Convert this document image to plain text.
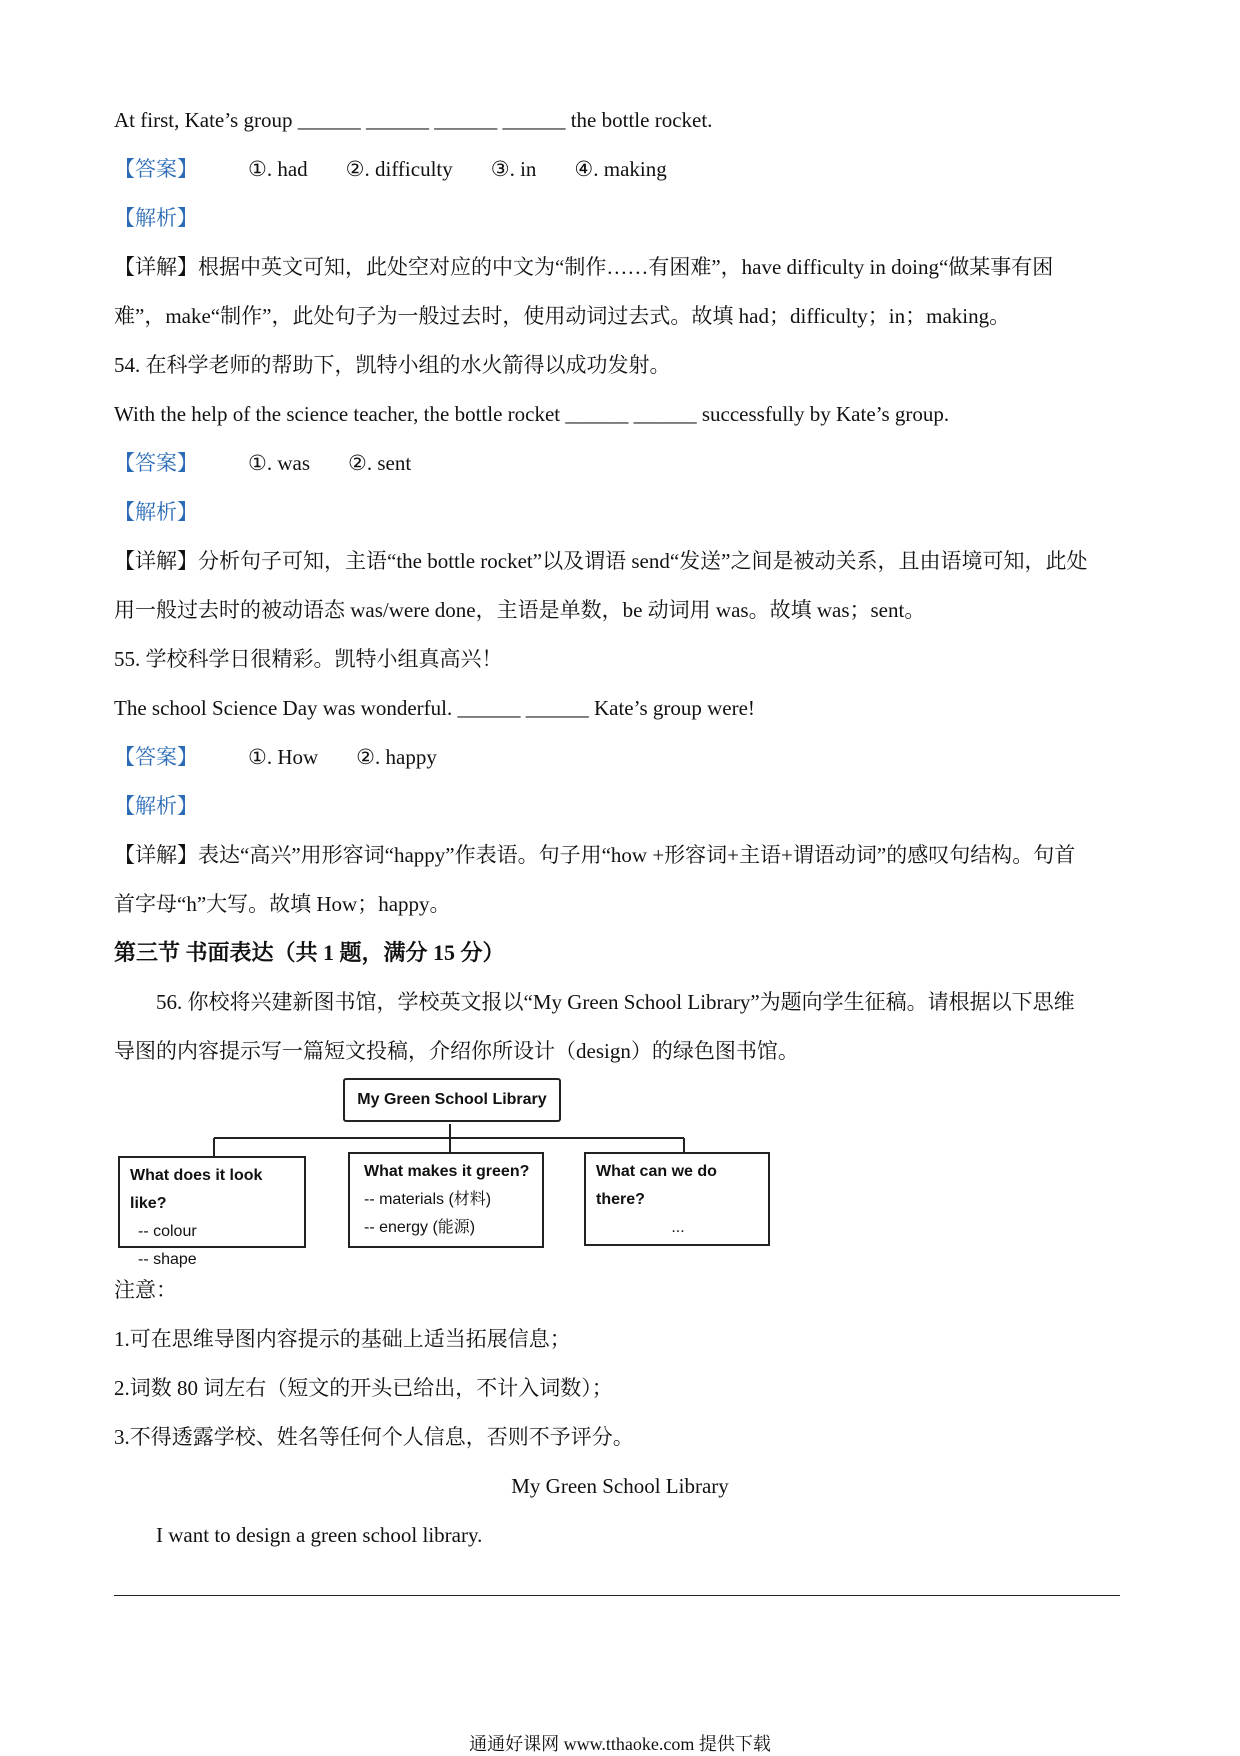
At first, Kate’s group ______ ______ ______ ______ the bottle rocket.
【答案】 ①. had ②. difficulty ③. in ④. making
【解析】
【详解】根据中英文可知，此处空对应的中文为“制作……有困难”，have difficulty in doing“做某事有困
难”，make“制作”，此处句子为一般过去时，使用动词过去式。故填 had；difficulty；in；making。
54. 在科学老师的帮助下，凯特小组的水火箭得以成功发射。
With the help of the science teacher, the bottle rocket ______ ______ successfully by Kate’s group.
【答案】 ①. was ②. sent
【解析】
【详解】分析句子可知，主语“the bottle rocket”以及谓语 send“发送”之间是被动关系，且由语境可知，此处
用一般过去时的被动语态 was/were done，主语是单数，be 动词用 was。故填 was；sent。
55. 学校科学日很精彩。凯特小组真高兴！
The school Science Day was wonderful. ______ ______ Kate’s group were!
【答案】 ①. How ②. happy
【解析】
【详解】表达“高兴”用形容词“happy”作表语。句子用“how +形容词+主语+谓语动词”的感叹句结构。句首
首字母“h”大写。故填 How；happy。
第三节 书面表达（共 1 题，满分 15 分）
56. 你校将兴建新图书馆，学校英文报以“My Green School Library”为题向学生征稿。请根据以下思维
导图的内容提示写一篇短文投稿，介绍你所设计（design）的绿色图书馆。
My Green School Library
What does it look like?
-- colour
-- shape
What makes it green?
-- materials (材料)
-- energy (能源)
What can we do there?
...
注意：
1.可在思维导图内容提示的基础上适当拓展信息；
2.词数 80 词左右（短文的开头已给出，不计入词数）；
3.不得透露学校、姓名等任何个人信息，否则不予评分。
My Green School Library
I want to design a green school library.
通通好课网 www.tthaoke.com 提供下载
